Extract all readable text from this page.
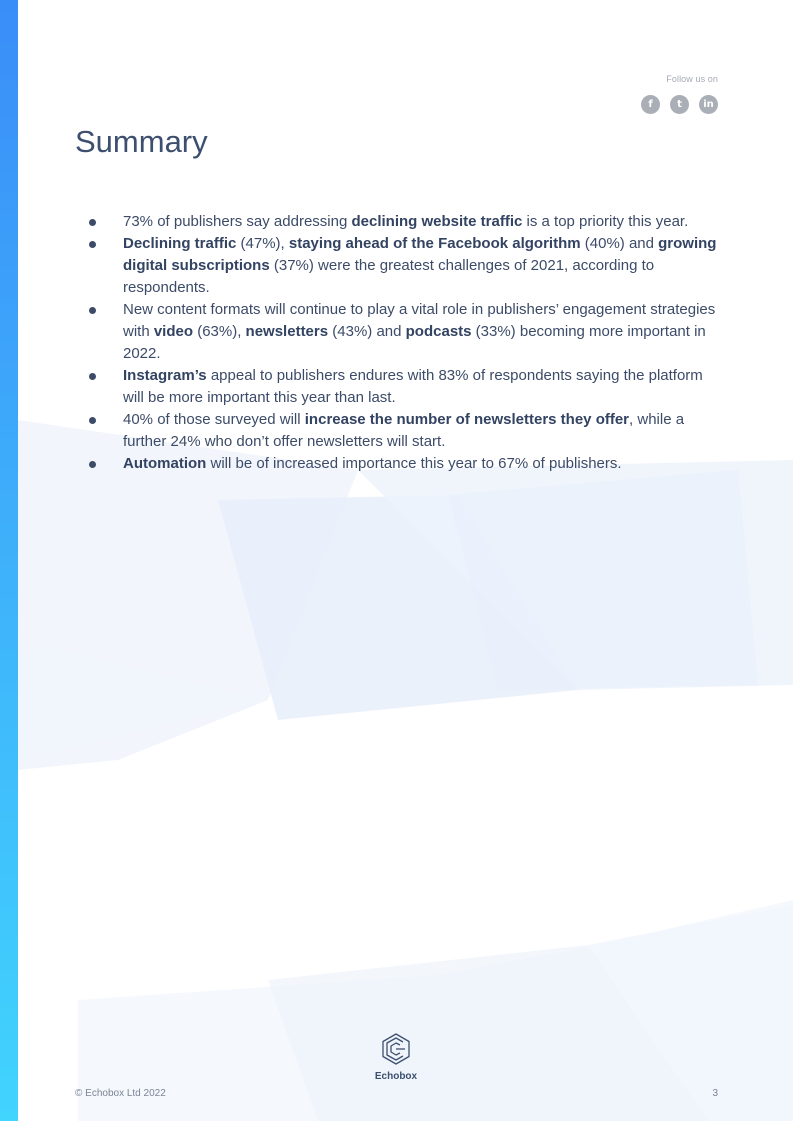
Follow us on
f	t	in
Summary
73% of publishers say addressing declining website traffic is a top priority this year.
Declining traffic (47%), staying ahead of the Facebook algorithm (40%) and growing digital subscriptions (37%) were the greatest challenges of 2021, according to respondents.
New content formats will continue to play a vital role in publishers’ engagement strategies with video (63%), newsletters (43%) and podcasts (33%) becoming more important in 2022.
Instagram’s appeal to publishers endures with 83% of respondents saying the platform will be more important this year than last.
40% of those surveyed will increase the number of newsletters they offer, while a further 24% who don’t offer newsletters will start.
Automation will be of increased importance this year to 67% of publishers.
Echobox
© Echobox Ltd 2022	3
